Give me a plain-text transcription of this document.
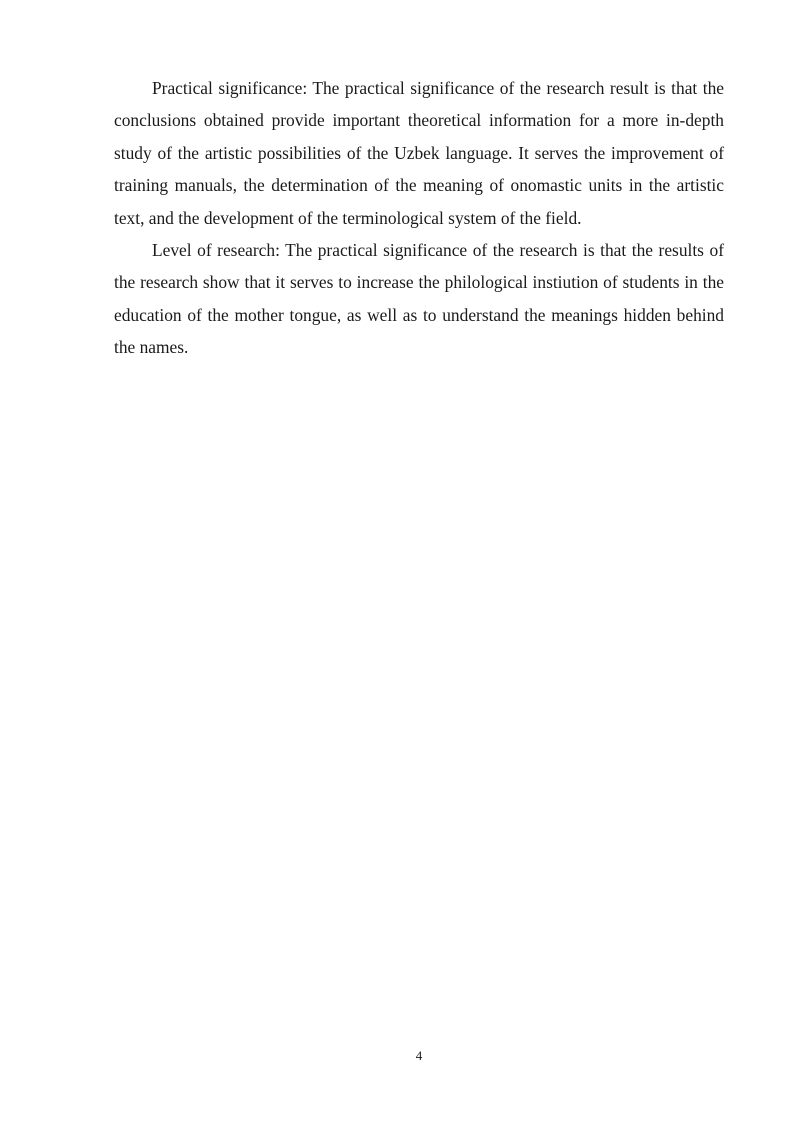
Practical significance: The practical significance of the research result is that the conclusions obtained provide important theoretical information for a more in-depth study of the artistic possibilities of the Uzbek language. It serves the improvement of training manuals, the determination of the meaning of onomastic units in the artistic text, and the development of the terminological system of the field.

Level of research: The practical significance of the research is that the results of the research show that it serves to increase the philological instiution of students in the education of the mother tongue, as well as to understand the meanings hidden behind the names.

4
